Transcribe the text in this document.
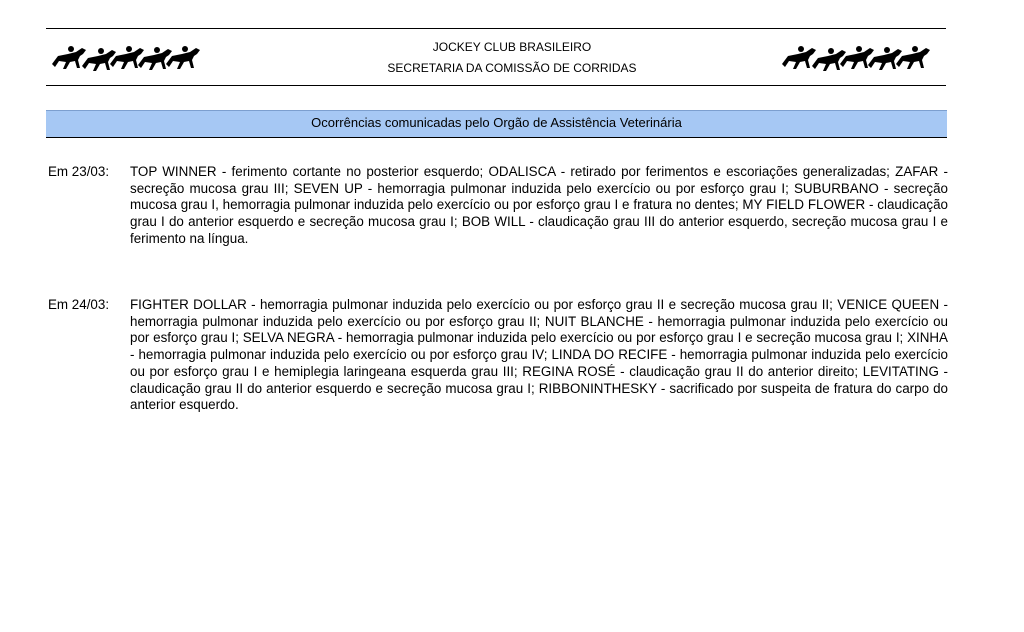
JOCKEY CLUB BRASILEIRO
SECRETARIA DA COMISSÃO DE CORRIDAS
Ocorrências comunicadas pelo Orgão de Assistência Veterinária
Em 23/03: TOP WINNER - ferimento cortante no posterior esquerdo; ODALISCA - retirado por ferimentos e escoriações generalizadas; ZAFAR - secreção mucosa grau III; SEVEN UP - hemorragia pulmonar induzida pelo exercício ou por esforço grau I; SUBURBANO - secreção mucosa grau I, hemorragia pulmonar induzida pelo exercício ou por esforço grau I e fratura no dentes; MY FIELD FLOWER - claudicação grau I do anterior esquerdo e secreção mucosa grau I; BOB WILL - claudicação grau III do anterior esquerdo, secreção mucosa grau I e ferimento na língua.
Em 24/03: FIGHTER DOLLAR - hemorragia pulmonar induzida pelo exercício ou por esforço grau II e secreção mucosa grau II; VENICE QUEEN - hemorragia pulmonar induzida pelo exercício ou por esforço grau II; NUIT BLANCHE - hemorragia pulmonar induzida pelo exercício ou por esforço grau I; SELVA NEGRA - hemorragia pulmonar induzida pelo exercício ou por esforço grau I e secreção mucosa grau I; XINHA - hemorragia pulmonar induzida pelo exercício ou por esforço grau IV; LINDA DO RECIFE - hemorragia pulmonar induzida pelo exercício ou por esforço grau I e hemiplegia laringeana esquerda grau III; REGINA ROSÉ - claudicação grau II do anterior direito; LEVITATING - claudicação grau II do anterior esquerdo e secreção mucosa grau I; RIBBONINTHESKY - sacrificado por suspeita de fratura do carpo do anterior esquerdo.
